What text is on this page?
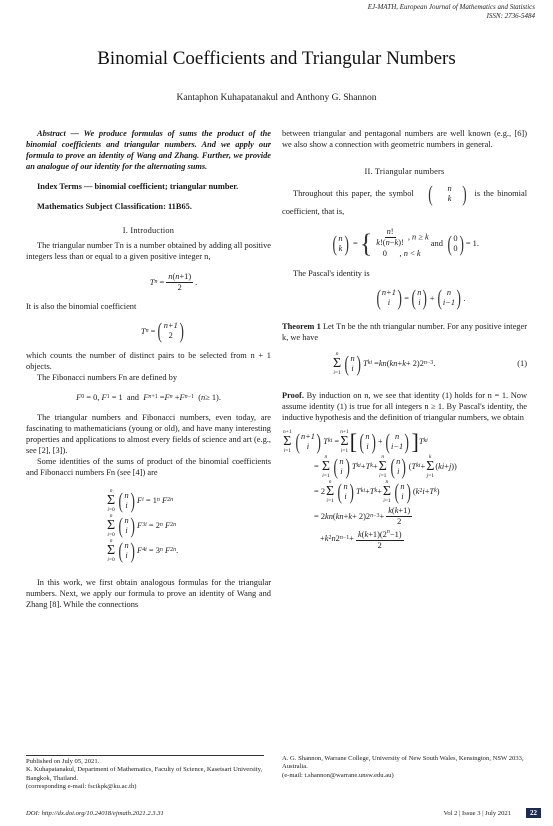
EJ-MATH, European Journal of Mathematics and Statistics
ISSN: 2736-5484
Binomial Coefficients and Triangular Numbers
Kantaphon Kuhapatanakul and Anthony G. Shannon

Abstract — We produce formulas of sums the product of the binomial coefficients and triangular numbers. And we apply our formula to prove an identity of Wang and Zhang. Further, we provide an analogue of our identity for the alternating sums.

Index Terms — binomial coefficient; triangular number.

Mathematics Subject Classification: 11B65.

I. Introduction

The triangular number Tn is a number obtained by adding all positive integers less than or equal to a given positive integer n,

T $n = \frac{n(n+1)}{2}$ .

It is also the binomial coefficient

T n = ( n+1
2 )

which counts the number of distinct pairs to be selected from n + 1 objects.

The Fibonacci numbers Fn are defined by

F 0 = 0, F 1 = 1  and F n +1 = F n + F n −1 ( n ≥ 1).

The triangular numbers and Fibonacci numbers, even today, are fascinating to mathematicians (young or old), and have many interesting properties and applications to almost every fields of science and art (e.g., see [2], [3]).

Some identities of the sums of product of the binomial coefficients and Fibonacci numbers Fn (see [4]) are

n
Σ
i=0 ( n
i ) F i = 1 n
F 2n
n
Σ
i=0 ( n
i ) F 3i = 2 n
F 2n
n
Σ
i=0 ( n
i ) F 4i = 3 n
F 2n .

In this work, we first obtain analogous formulas for the triangular numbers. Next, we apply our formula to prove an identity of Wang and Zhang [8]. While the connections

between triangular and pentagonal numbers are well known (e.g., [6]) we also show a connection with geometric numbers in general.

II. Triangular numbers

Throughout this paper, the symbol (	n
k ) is the binomial coefficient, that is,
( n
k ) = { $\frac{n!}{k!(n-k)!}$ , n ≥ k
0      , n < k
and ( 0
0 ) = 1.

The Pascal's identity is

( n+1
i ) = ( n
i ) + ( n
i−1 ) .

Theorem 1 Let Tn be the nth triangular number. For any positive integer k, we have

n
Σ
i=1 ( n
i ) T ki = kn ( kn + k + 2)2 n−3 .	(1)

Proof. By induction on n, we see that identity (1) holds for n = 1. Now assume identity (1) is true for all integers n ≥ 1. By Pascal's identity, the inductive hypothesis and the definition of triangular numbers, we obtain

n+1
Σ
i=1 ( n+1
i ) T ki =
n+1
Σ
i=1 [ ( n
i ) + ( n
i−1 ) ] T ki
=
n
Σ
i=1 ( n
i ) T ki + T k +
n
Σ
i=1 ( n
i ) ( T ki +
k
Σ
j=1
( ki + j ))
= 2
n
Σ
i=1 ( n
i ) T ki + T k +
n
Σ
i=1 ( n
i ) ( k 2 i + T k )
= 2 kn ( kn + k + 2)2 $n-3 + \frac{k(k+1)}{2}$
+ k 2 n 2 $n-1 + \frac{k(k+1)(2^n-1)}{2}$
Published on July 05, 2021.
K. Kuhapatanakul, Department of Mathematics, Faculty of Science, Kasetsart University, Bangkok, Thailand.
(corresponding e-mail: fscikpk@ku.ac.th)
A. G. Shannon, Warrane College, University of New South Wales, Kensington, NSW 2033, Australia.
(e-mail: t.shannon@warrane.unsw.edu.au)
DOI: http://dx.doi.org/10.24018/ejmath.2021.2.3.31	Vol 2 | Issue 3 | July 2021	22
